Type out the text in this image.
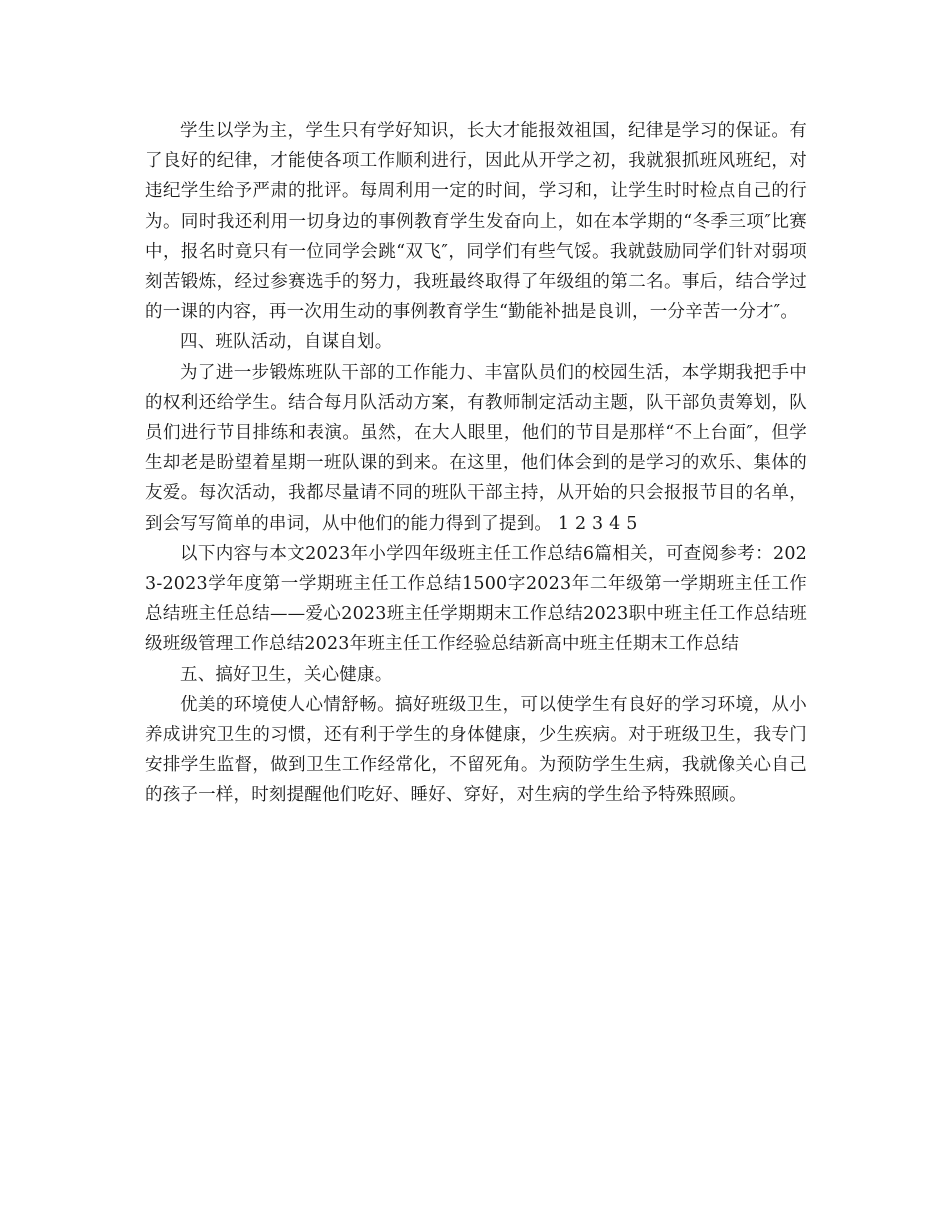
学生以学为主，学生只有学好知识，长大才能报效祖国，纪律是学习的保证。有了良好的纪律，才能使各项工作顺利进行，因此从开学之初，我就狠抓班风班纪，对违纪学生给予严肃的批评。每周利用一定的时间，学习和，让学生时时检点自己的行为。同时我还利用一切身边的事例教育学生发奋向上，如在本学期的“冬季三项″比赛中，报名时竟只有一位同学会跳“双飞″，同学们有些气馁。我就鼓励同学们针对弱项刻苦锻炼，经过参赛选手的努力，我班最终取得了年级组的第二名。事后，结合学过的一课的内容，再一次用生动的事例教育学生“勤能补拙是良训，一分辛苦一分才″。

四、班队活动，自谋自划。

为了进一步锻炼班队干部的工作能力、丰富队员们的校园生活，本学期我把手中的权利还给学生。结合每月队活动方案，有教师制定活动主题，队干部负责筹划，队员们进行节目排练和表演。虽然，在大人眼里，他们的节目是那样“不上台面″，但学生却老是盼望着星期一班队课的到来。在这里，他们体会到的是学习的欢乐、集体的友爱。每次活动，我都尽量请不同的班队干部主持，从开始的只会报报节目的名单，到会写写简单的串词，从中他们的能力得到了提到。 1 2 3 4 5

以下内容与本文2023年小学四年级班主任工作总结6篇相关，可查阅参考：2023-2023学年度第一学期班主任工作总结1500字2023年二年级第一学期班主任工作总结班主任总结——爱心2023班主任学期期末工作总结2023职中班主任工作总结班级班级管理工作总结2023年班主任工作经验总结新高中班主任期末工作总结

五、搞好卫生，关心健康。

优美的环境使人心情舒畅。搞好班级卫生，可以使学生有良好的学习环境，从小养成讲究卫生的习惯，还有利于学生的身体健康，少生疾病。对于班级卫生，我专门安排学生监督，做到卫生工作经常化，不留死角。为预防学生生病，我就像关心自己的孩子一样，时刻提醒他们吃好、睡好、穿好，对生病的学生给予特殊照顾。
